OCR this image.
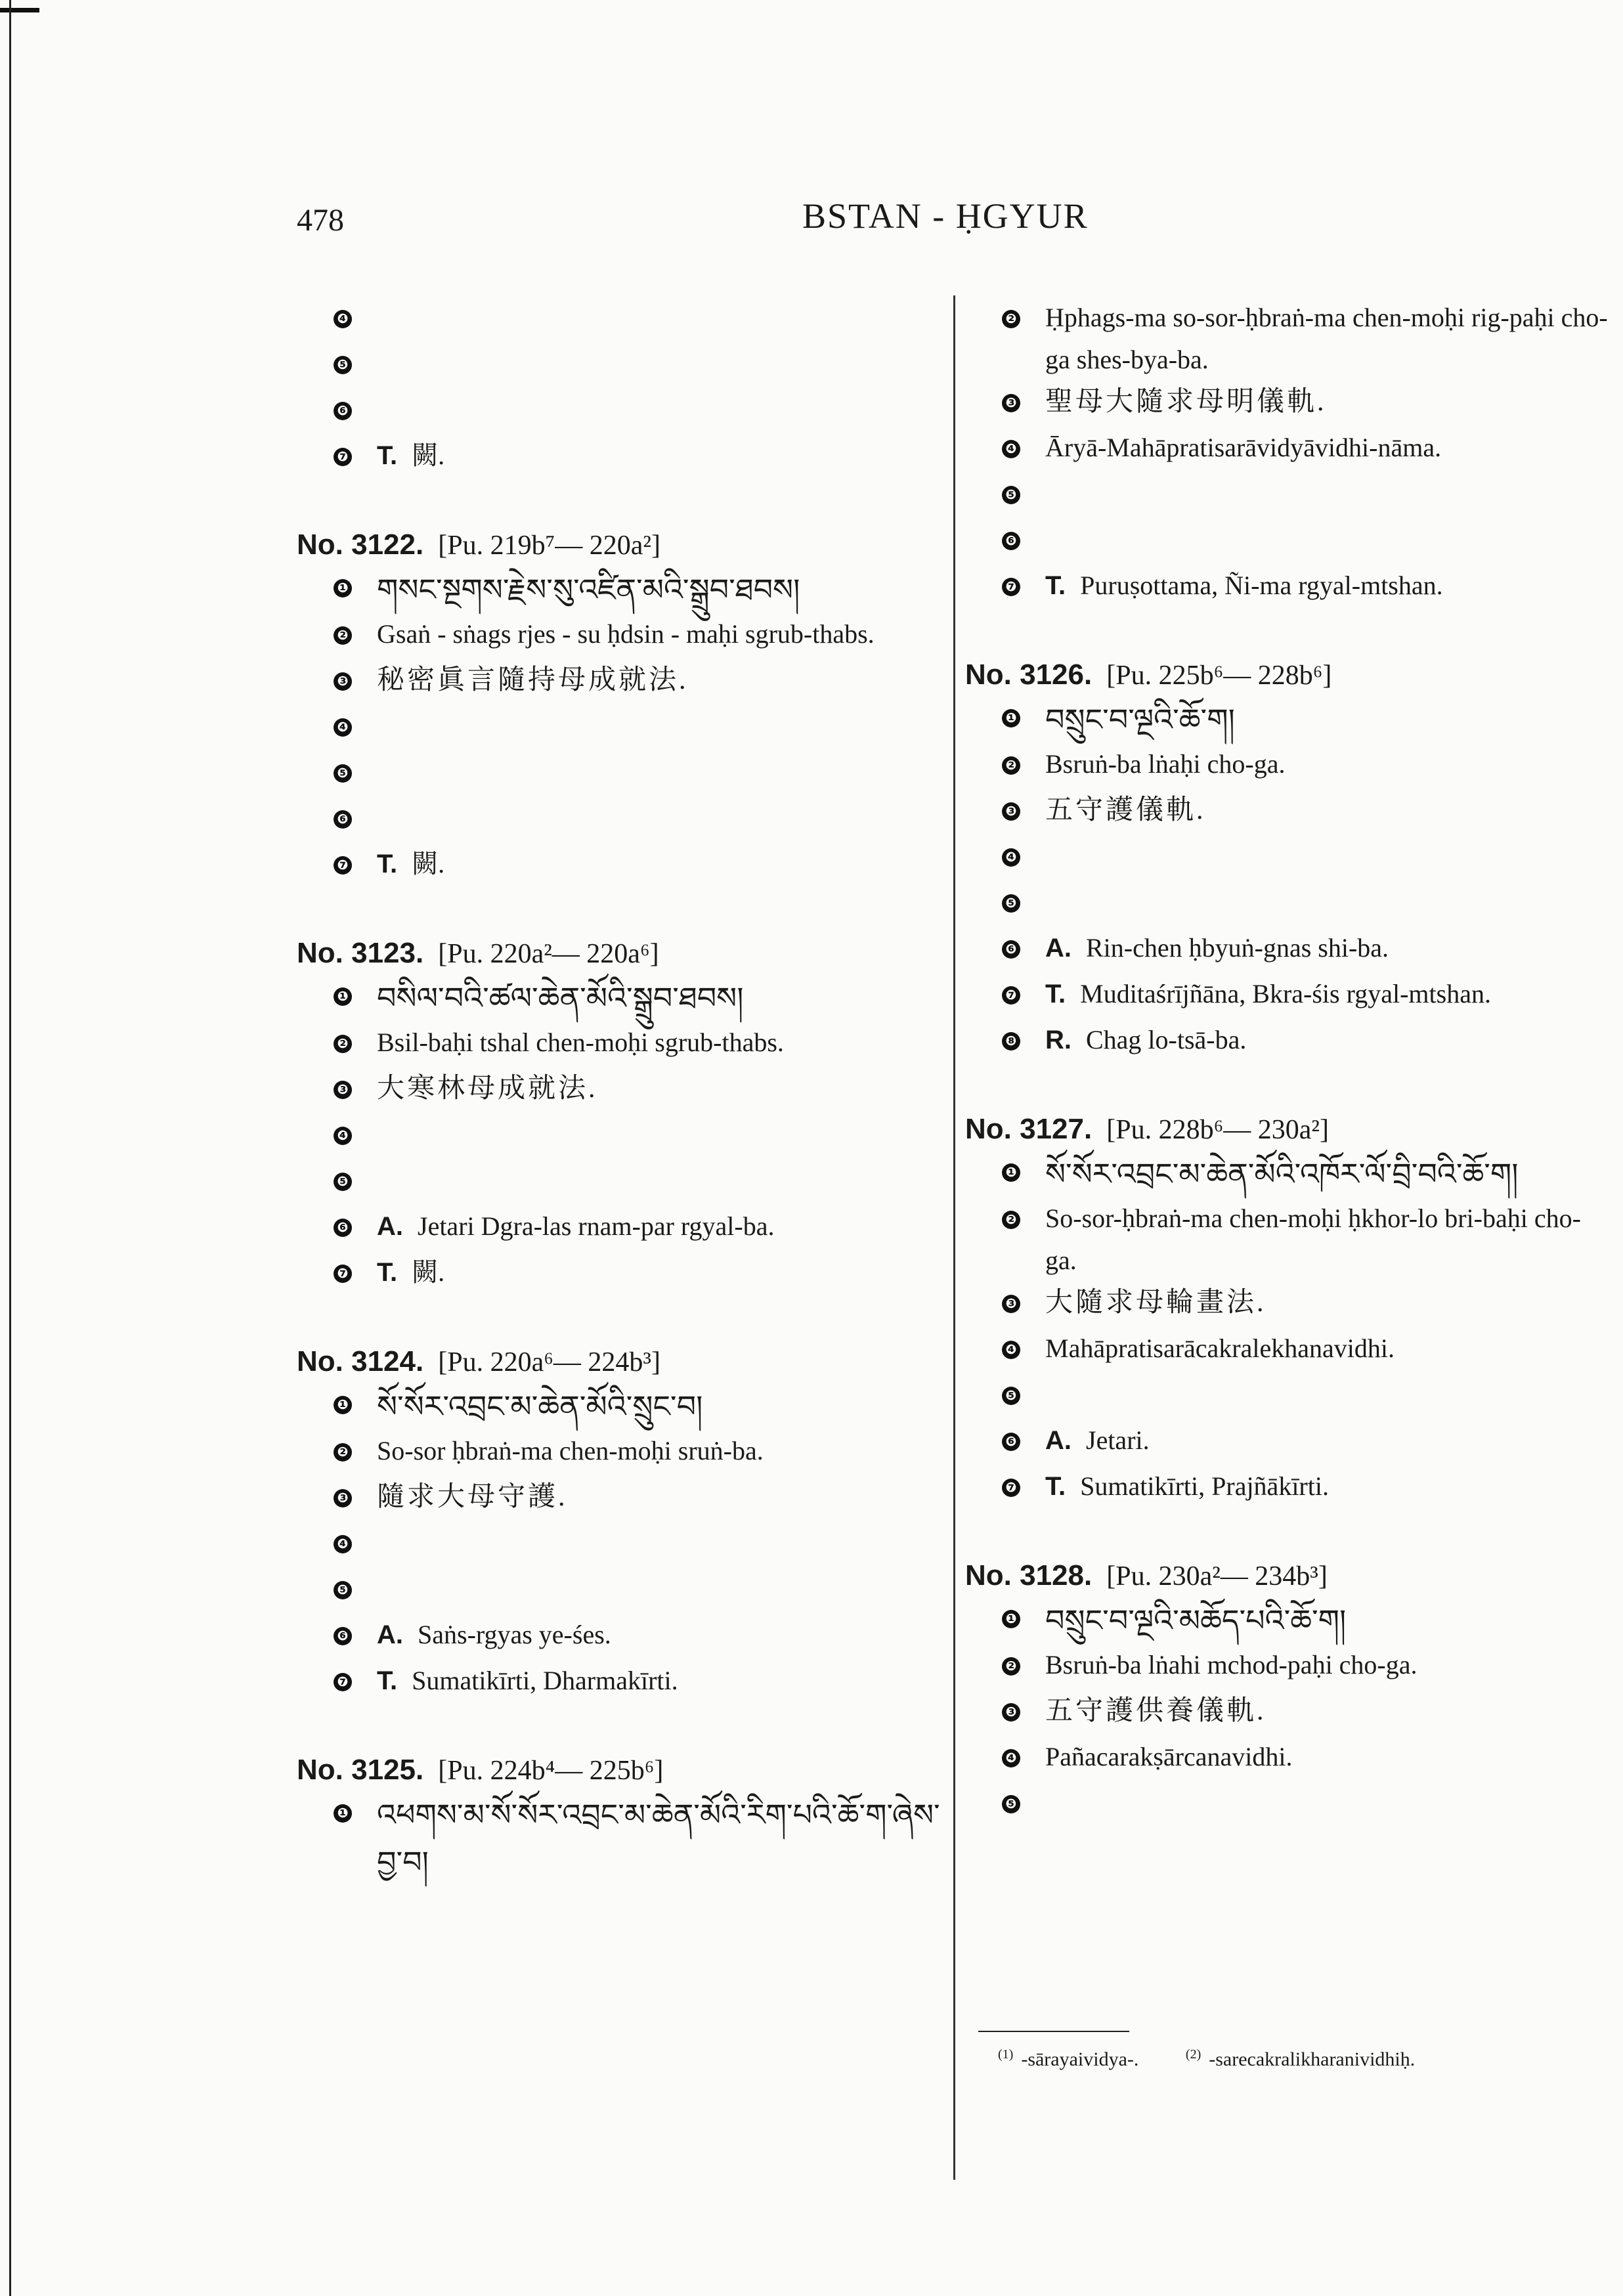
478	BSTAN - ḤGYUR
❹
❺
❻
❼ T. 闕.
No. 3122. [Pu. 219b⁷— 220a²]
❶ གསང་སྔགས་རྗེས་སུ་འཛིན་མའི་སྒྲུབ་ཐབས།
❷ Gsaṅ - sṅags rjes - su ḥdsin - maḥi sgrub-thabs.
❸ 秘密眞言隨持母成就法.
❹
❺
❻
❼ T. 闕.
No. 3123. [Pu. 220a²— 220a⁶]
❶ བསིལ་བའི་ཚལ་ཆེན་མོའི་སྒྲུབ་ཐབས།
❷ Bsil-baḥi tshal chen-moḥi sgrub-thabs.
❸ 大寒林母成就法.
❹
❺
❻ A. Jetari Dgra-las rnam-par rgyal-ba.
❼ T. 闕.
No. 3124. [Pu. 220a⁶— 224b³]
❶ སོ་སོར་འབྲང་མ་ཆེན་མོའི་སྲུང་བ།
❷ So-sor ḥbraṅ-ma chen-moḥi sruṅ-ba.
❸ 隨求大母守護.
❹
❺
❻ A. Saṅs-rgyas ye-śes.
❼ T. Sumatikīrti, Dharmakīrti.
No. 3125. [Pu. 224b⁴— 225b⁶]
❶ འཕགས་མ་སོ་སོར་འབྲང་མ་ཆེན་མོའི་རིག་པའི་ཆོ་ག་ཞེས་བྱ་བ།
❷ Ḥphags-ma so-sor-ḥbraṅ-ma chen-moḥi rig-paḥi cho-ga shes-bya-ba.
❸ 聖母大隨求母明儀軌.
❹ Āryā-Mahāpratisarāvidyāvidhi-nāma.
❺
❻
❼ T. Puruṣottama, Ñi-ma rgyal-mtshan.
No. 3126. [Pu. 225b⁶— 228b⁶]
❶ བསྲུང་བ་ལྔའི་ཆོ་ག།
❷ Bsruṅ-ba lṅaḥi cho-ga.
❸ 五守護儀軌.
❹
❺
❻ A. Rin-chen ḥbyuṅ-gnas shi-ba.
❼ T. Muditaśrījñāna, Bkra-śis rgyal-mtshan.
❽ R. Chag lo-tsā-ba.
No. 3127. [Pu. 228b⁶— 230a²]
❶ སོ་སོར་འབྲང་མ་ཆེན་མོའི་འཁོར་ལོ་བྲི་བའི་ཆོ་ག།
❷ So-sor-ḥbraṅ-ma chen-moḥi ḥkhor-lo bri-baḥi cho-ga.
❸ 大隨求母輪畫法.
❹ Mahāpratisarācakralekhanavidhi.
❺
❻ A. Jetari.
❼ T. Sumatikīrti, Prajñākīrti.
No. 3128. [Pu. 230a²— 234b³]
❶ བསྲུང་བ་ལྔའི་མཆོད་པའི་ཆོ་ག།
❷ Bsruṅ-ba lṅahi mchod-paḥi cho-ga.
❸ 五守護供養儀軌.
❹ Pañacarakṣārcanavidhi.
❺
$^{(1)}$ -sārayaividya-.	$^{(2)}$ -sarecakralikharanividhiḥ.
